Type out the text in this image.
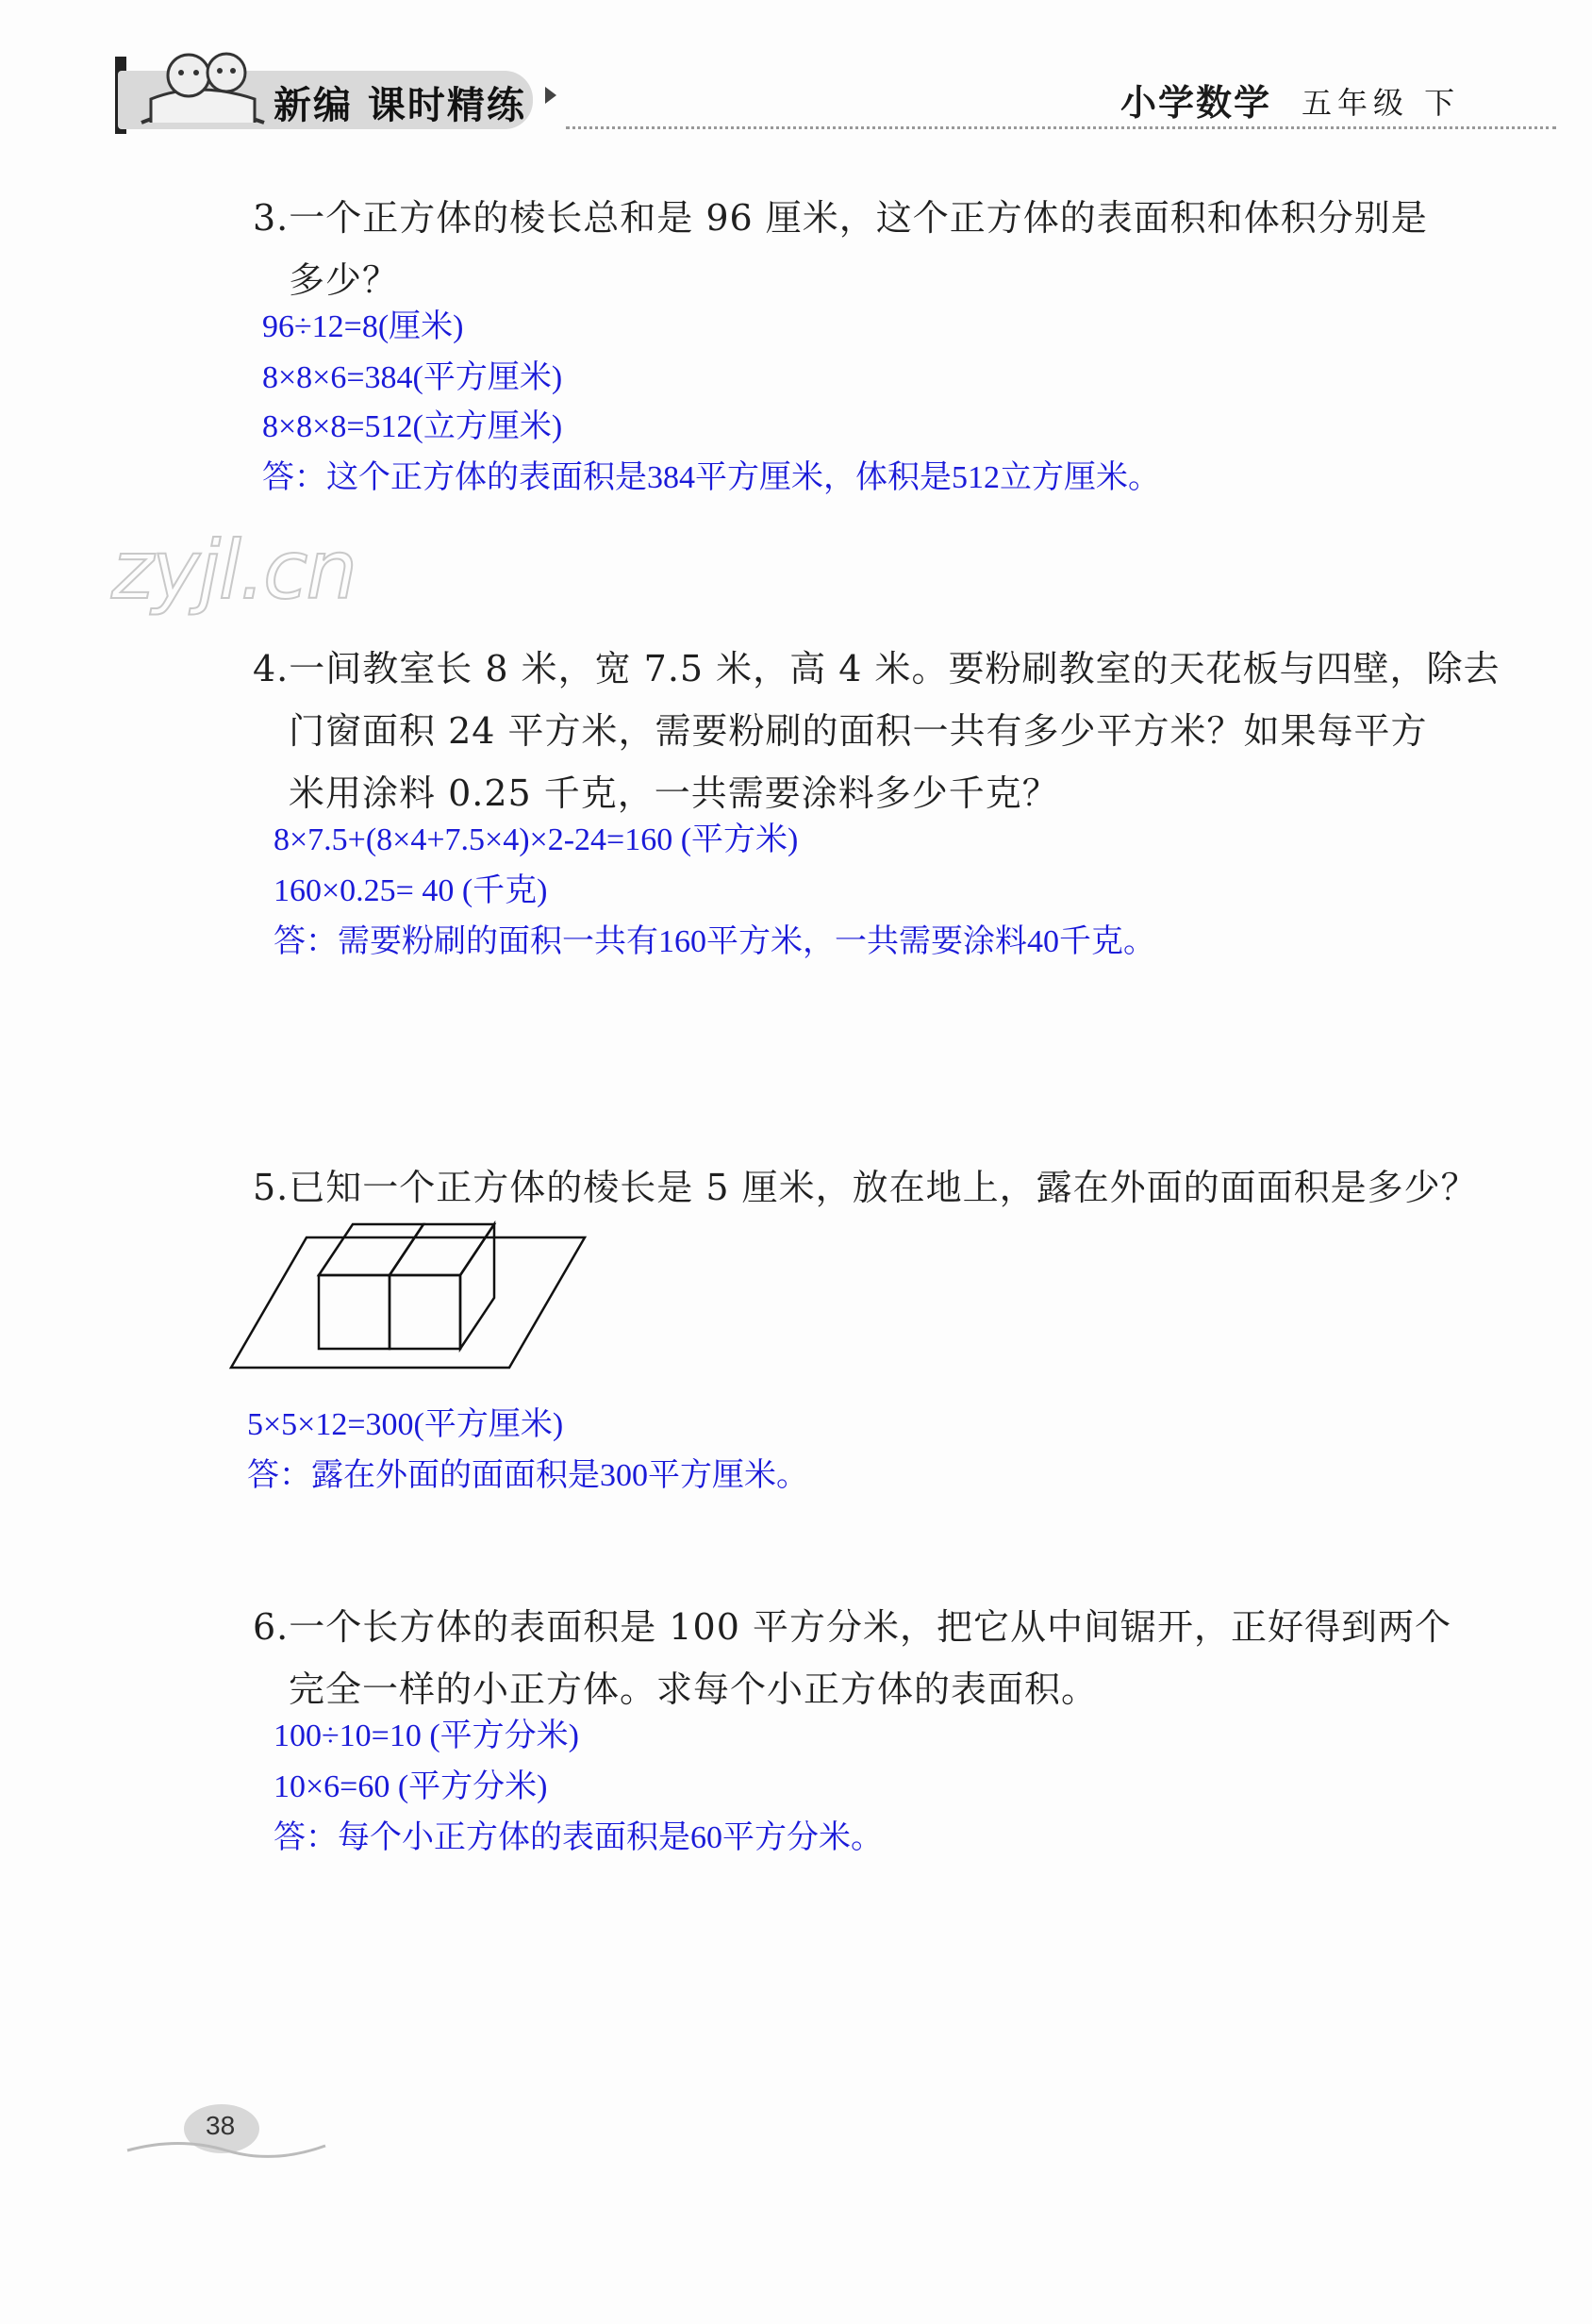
新编 课时精练	小学数学 五年级 下
zyjl.cn
3.一个正方体的棱长总和是 96 厘米，这个正方体的表面积和体积分别是
多少？
96÷12=8(厘米)
8×8×6=384(平方厘米)
8×8×8=512(立方厘米)
答：这个正方体的表面积是384平方厘米，体积是512立方厘米。
4.一间教室长 8 米，宽 7.5 米，高 4 米。要粉刷教室的天花板与四壁，除去
门窗面积 24 平方米，需要粉刷的面积一共有多少平方米？如果每平方
米用涂料 0.25 千克，一共需要涂料多少千克？
8×7.5+(8×4+7.5×4)×2-24=160 (平方米)
160×0.25= 40 (千克)
答：需要粉刷的面积一共有160平方米，一共需要涂料40千克。
5.已知一个正方体的棱长是 5 厘米，放在地上，露在外面的面面积是多少？
5×5×12=300(平方厘米)
答：露在外面的面面积是300平方厘米。
6.一个长方体的表面积是 100 平方分米，把它从中间锯开，正好得到两个
完全一样的小正方体。求每个小正方体的表面积。
100÷10=10 (平方分米)
10×6=60 (平方分米)
答：每个小正方体的表面积是60平方分米。
38
